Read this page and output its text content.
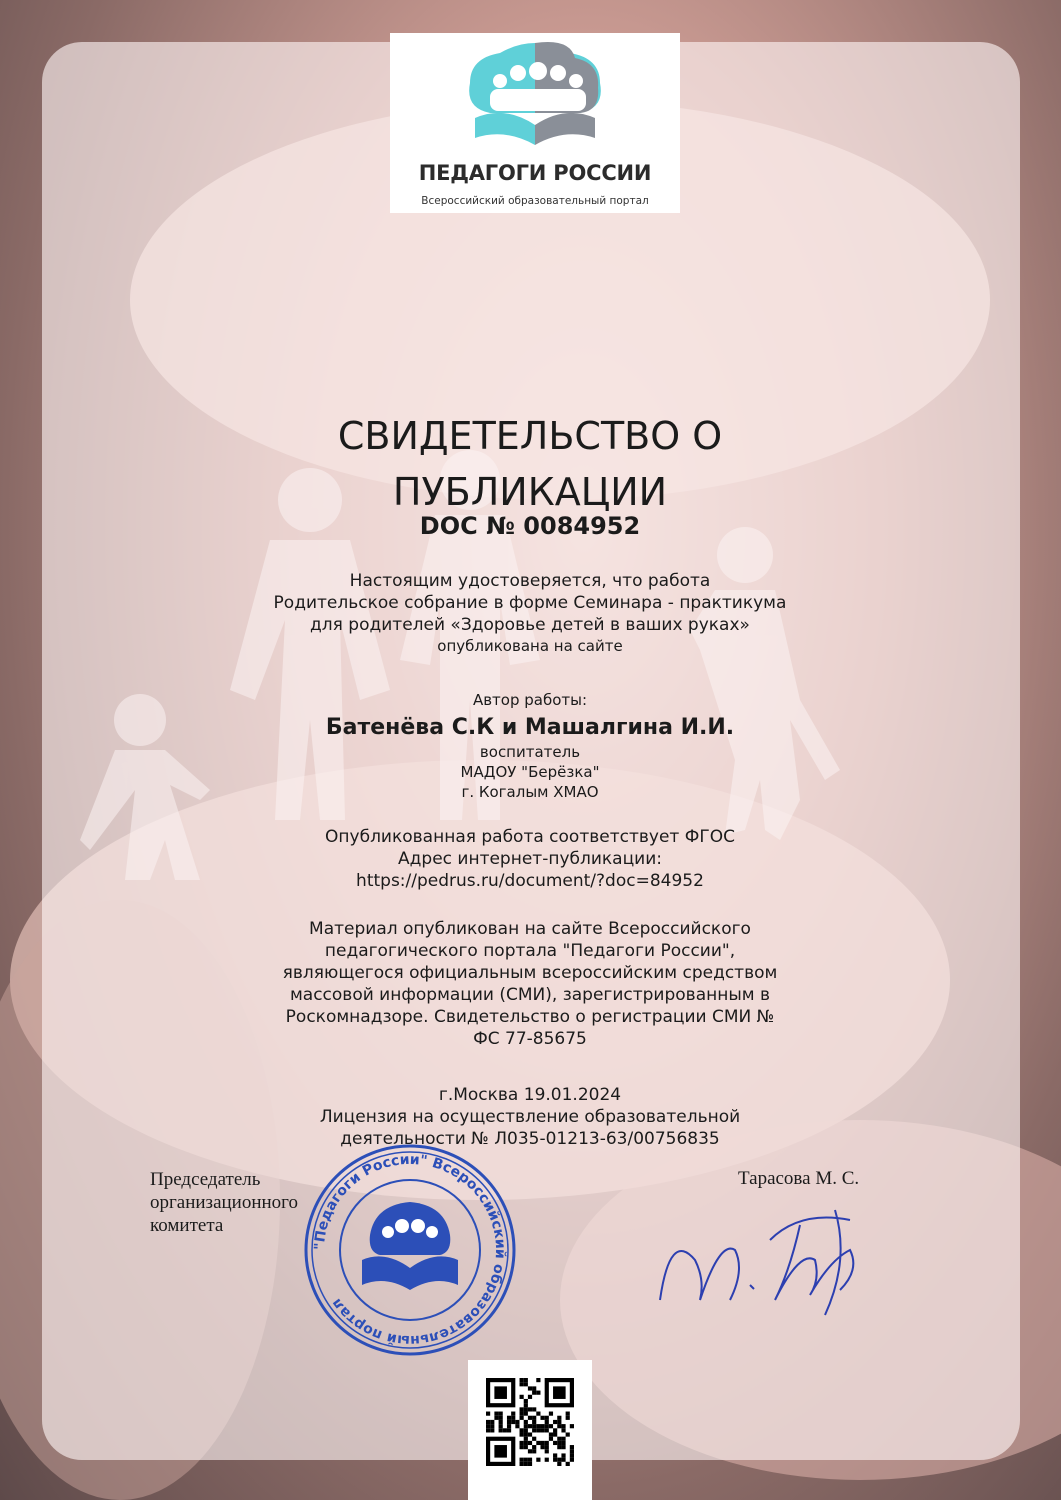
ПЕДАГОГИ РОССИИ
Всероссийский образовательный портал
СВИДЕТЕЛЬСТВО О
ПУБЛИКАЦИИ
DOC № 0084952
Настоящим удостоверяется, что работа
Родительское собрание в форме Семинара - практикума
для родителей «Здоровье детей в ваших руках»
опубликована на сайте
Автор работы:
Батенёва С.К и Машалгина И.И.
воспитатель
МАДОУ "Берёзка"
г. Когалым ХМАО
Опубликованная работа соответствует ФГОС
Адрес интернет-публикации:
https://pedrus.ru/document/?doc=84952
Материал опубликован на сайте Всероссийского
педагогического портала "Педагоги России",
являющегося официальным всероссийским средством
массовой информации (СМИ), зарегистрированным в
Роскомнадзоре. Свидетельство о регистрации СМИ №
ФС 77-85675
г.Москва 19.01.2024
Лицензия на осуществление образовательной
деятельности № Л035-01213-63/00756835
Председатель
организационного
комитета
Тарасова М. С.
"Педагоги России" Всероссийский образовательный портал
